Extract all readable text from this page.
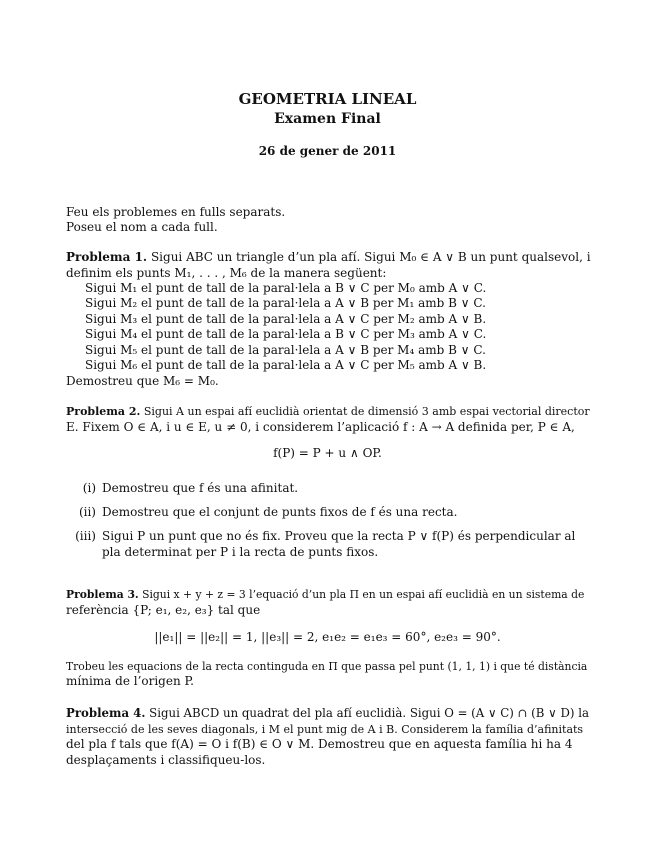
GEOMETRIA LINEAL
Examen Final
26 de gener de 2011
Feu els problemes en fulls separats.
Poseu el nom a cada full.
Problema 1. Sigui ABC un triangle d’un pla afí. Sigui M₀ ∈ A ∨ B un punt qualsevol, i
definim els punts M₁, . . . , M₆ de la manera següent:
Sigui M₁ el punt de tall de la paral·lela a B ∨ C per M₀ amb A ∨ C.
Sigui M₂ el punt de tall de la paral·lela a A ∨ B per M₁ amb B ∨ C.
Sigui M₃ el punt de tall de la paral·lela a A ∨ C per M₂ amb A ∨ B.
Sigui M₄ el punt de tall de la paral·lela a B ∨ C per M₃ amb A ∨ C.
Sigui M₅ el punt de tall de la paral·lela a A ∨ B per M₄ amb B ∨ C.
Sigui M₆ el punt de tall de la paral·lela a A ∨ C per M₅ amb A ∨ B.
Demostreu que M₆ = M₀.
Problema 2. Sigui A un espai afí euclidià orientat de dimensió 3 amb espai vectorial director
E. Fixem O ∈ A, i u ∈ E, u ≠ 0, i considerem l’aplicació f : A → A definida per, P ∈ A,
f(P) = P + u ∧ OP.
(i) Demostreu que f és una afinitat.
(ii) Demostreu que el conjunt de punts fixos de f és una recta.
(iii) Sigui P un punt que no és fix. Proveu que la recta P ∨ f(P) és perpendicular al pla determinat per P i la recta de punts fixos.
Problema 3. Sigui x + y + z = 3 l’equació d’un pla Π en un espai afí euclidià en un sistema de
referència {P; e₁, e₂, e₃} tal que
||e₁|| = ||e₂|| = 1, ||e₃|| = 2, e₁e₂ = e₁e₃ = 60°, e₂e₃ = 90°.
Trobeu les equacions de la recta continguda en Π que passa pel punt (1, 1, 1) i que té distància
mínima de l’origen P.
Problema 4. Sigui ABCD un quadrat del pla afí euclidià. Sigui O = (A ∨ C) ∩ (B ∨ D) la
intersecció de les seves diagonals, i M el punt mig de A i B. Considerem la família d’afinitats
del pla f tals que f(A) = O i f(B) ∈ O ∨ M. Demostreu que en aquesta família hi ha 4
desplaçaments i classifiqueu-los.
